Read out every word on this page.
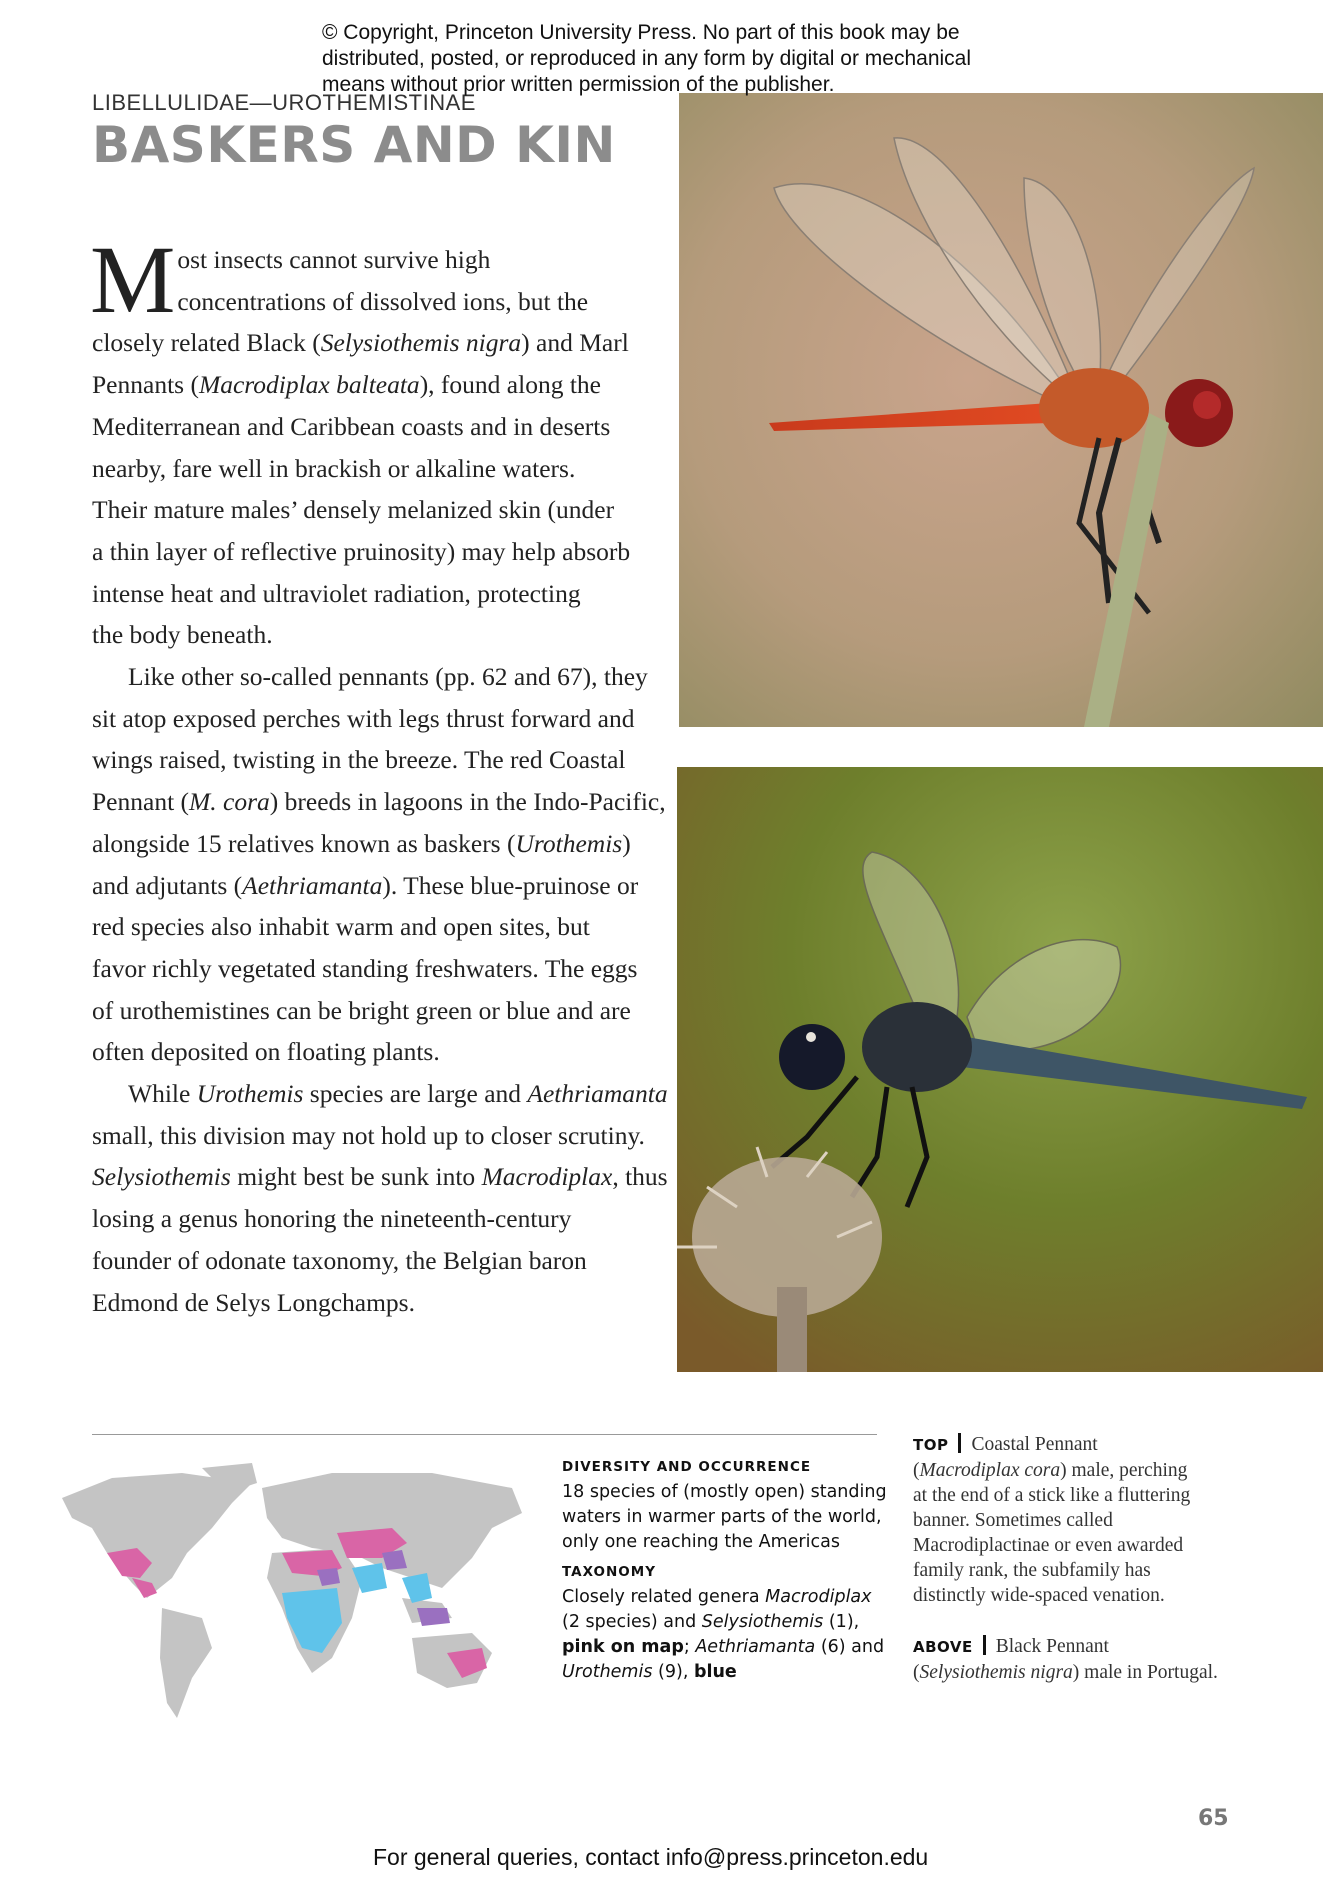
© Copyright, Princeton University Press. No part of this book may be
distributed, posted, or reproduced in any form by digital or mechanical
means without prior written permission of the publisher.
LIBELLULIDAE—UROTHEMISTINAE
BASKERS AND KIN
M ost insects cannot survive high
concentrations of dissolved ions, but the
closely related Black (Selysiothemis nigra) and Marl
Pennants (Macrodiplax balteata), found along the
Mediterranean and Caribbean coasts and in deserts
nearby, fare well in brackish or alkaline waters.
Their mature males’ densely melanized skin (under
a thin layer of reflective pruinosity) may help absorb
intense heat and ultraviolet radiation, protecting
the body beneath.
Like other so-called pennants (pp. 62 and 67), they
sit atop exposed perches with legs thrust forward and
wings raised, twisting in the breeze. The red Coastal
Pennant (M. cora) breeds in lagoons in the Indo-Pacific,
alongside 15 relatives known as baskers (Urothemis)
and adjutants (Aethriamanta). These blue-pruinose or
red species also inhabit warm and open sites, but
favor richly vegetated standing freshwaters. The eggs
of urothemistines can be bright green or blue and are
often deposited on floating plants.
While Urothemis species are large and Aethriamanta
small, this division may not hold up to closer scrutiny.
Selysiothemis might best be sunk into Macrodiplax, thus
losing a genus honoring the nineteenth-century
founder of odonate taxonomy, the Belgian baron
Edmond de Selys Longchamps.
DIVERSITY AND OCCURRENCE
18 species of (mostly open) standing
waters in warmer parts of the world,
only one reaching the Americas
TAXONOMY
Closely related genera Macrodiplax
(2 species) and Selysiothemis (1),
pink on map; Aethriamanta (6) and
Urothemis (9), blue
TOP Coastal Pennant
(Macrodiplax cora) male, perching
at the end of a stick like a fluttering
banner. Sometimes called
Macrodiplactinae or even awarded
family rank, the subfamily has
distinctly wide-spaced venation.
ABOVE Black Pennant
(Selysiothemis nigra) male in Portugal.
65
For general queries, contact info@press.princeton.edu
